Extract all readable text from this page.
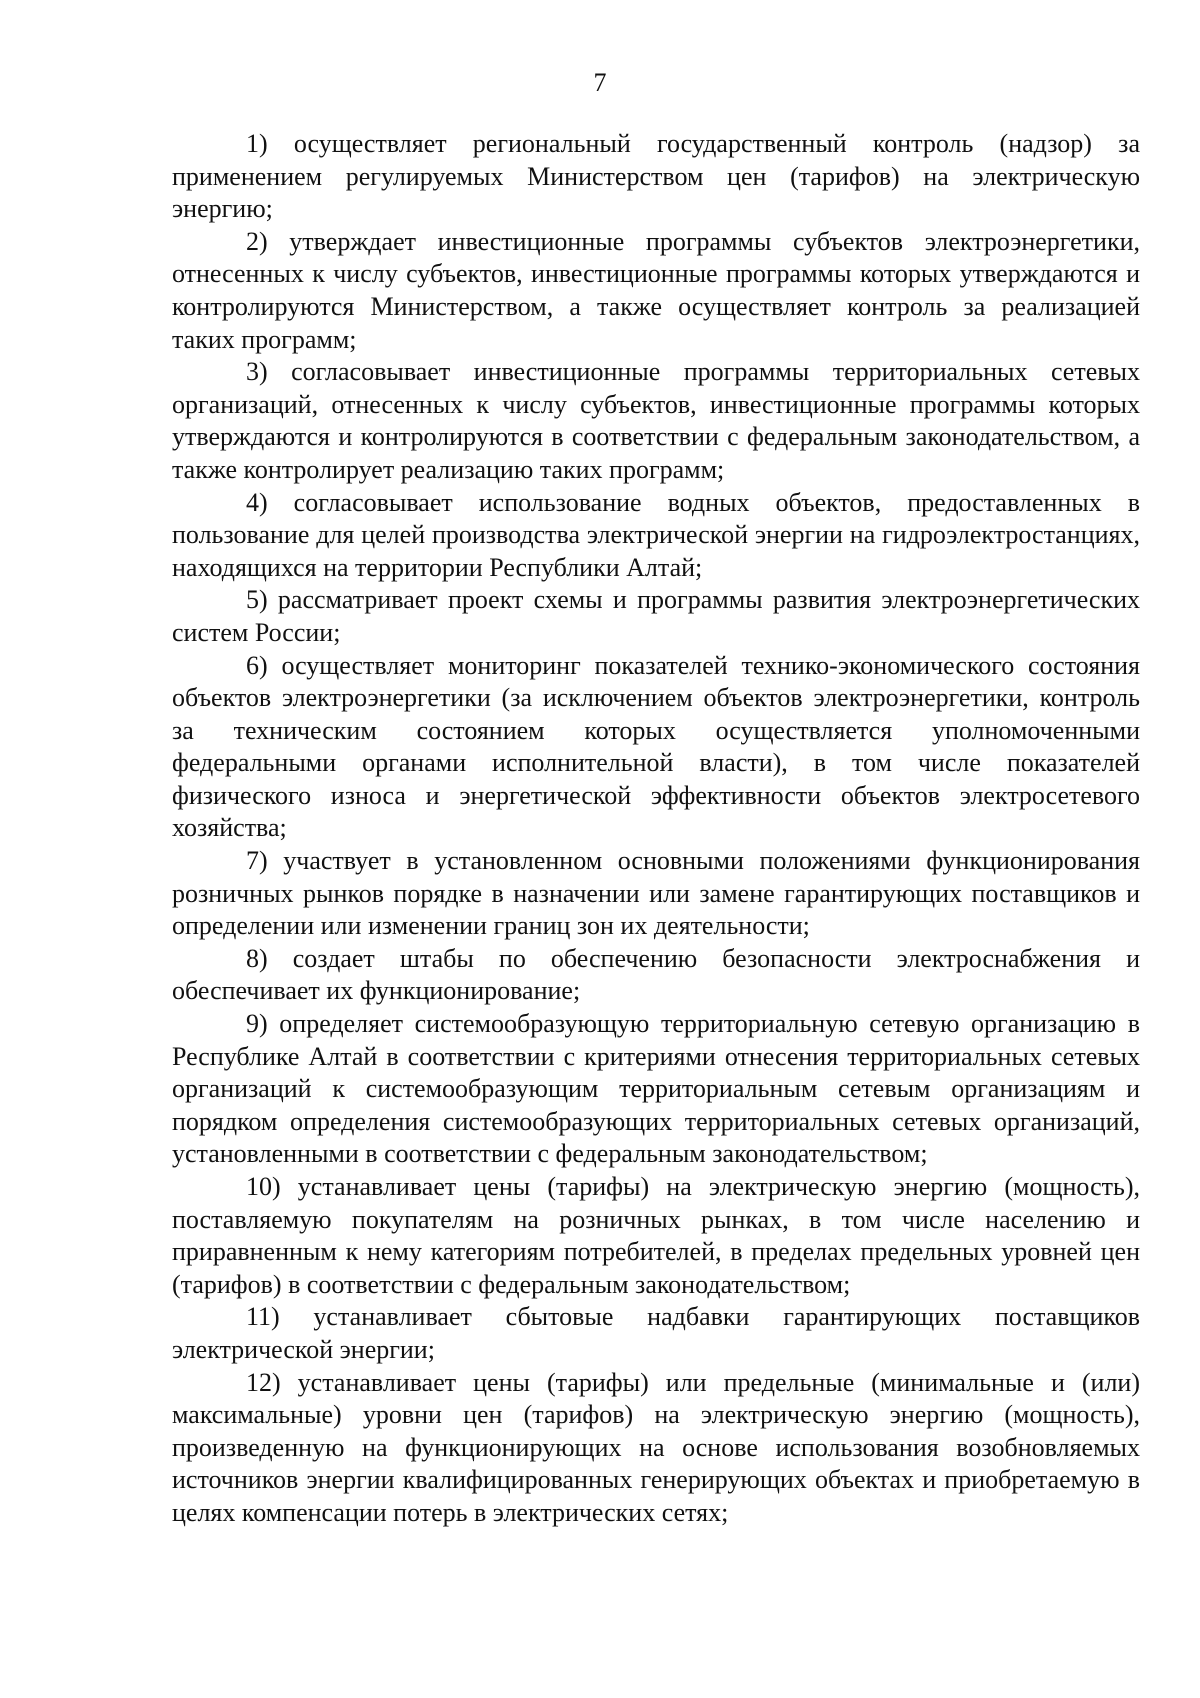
7

1) осуществляет региональный государственный контроль (надзор) за применением регулируемых Министерством цен (тарифов) на электрическую энергию;

2) утверждает инвестиционные программы субъектов электроэнергетики, отнесенных к числу субъектов, инвестиционные программы которых утверждаются и контролируются Министерством, а также осуществляет контроль за реализацией таких программ;

3) согласовывает инвестиционные программы территориальных сетевых организаций, отнесенных к числу субъектов, инвестиционные программы которых утверждаются и контролируются в соответствии с федеральным законодательством, а также контролирует реализацию таких программ;

4) согласовывает использование водных объектов, предоставленных в пользование для целей производства электрической энергии на гидроэлектростанциях, находящихся на территории Республики Алтай;

5) рассматривает проект схемы и программы развития электроэнергетических систем России;

6) осуществляет мониторинг показателей технико-экономического состояния объектов электроэнергетики (за исключением объектов электроэнергетики, контроль за техническим состоянием которых осуществляется уполномоченными федеральными органами исполнительной власти), в том числе показателей физического износа и энергетической эффективности объектов электросетевого хозяйства;

7) участвует в установленном основными положениями функционирования розничных рынков порядке в назначении или замене гарантирующих поставщиков и определении или изменении границ зон их деятельности;

8) создает штабы по обеспечению безопасности электроснабжения и обеспечивает их функционирование;

9) определяет системообразующую территориальную сетевую организацию в Республике Алтай в соответствии с критериями отнесения территориальных сетевых организаций к системообразующим территориальным сетевым организациям и порядком определения системообразующих территориальных сетевых организаций, установленными в соответствии с федеральным законодательством;

10) устанавливает цены (тарифы) на электрическую энергию (мощность), поставляемую покупателям на розничных рынках, в том числе населению и приравненным к нему категориям потребителей, в пределах предельных уровней цен (тарифов) в соответствии с федеральным законодательством;

11) устанавливает сбытовые надбавки гарантирующих поставщиков электрической энергии;

12) устанавливает цены (тарифы) или предельные (минимальные и (или) максимальные) уровни цен (тарифов) на электрическую энергию (мощность), произведенную на функционирующих на основе использования возобновляемых источников энергии квалифицированных генерирующих объектах и приобретаемую в целях компенсации потерь в электрических сетях;
